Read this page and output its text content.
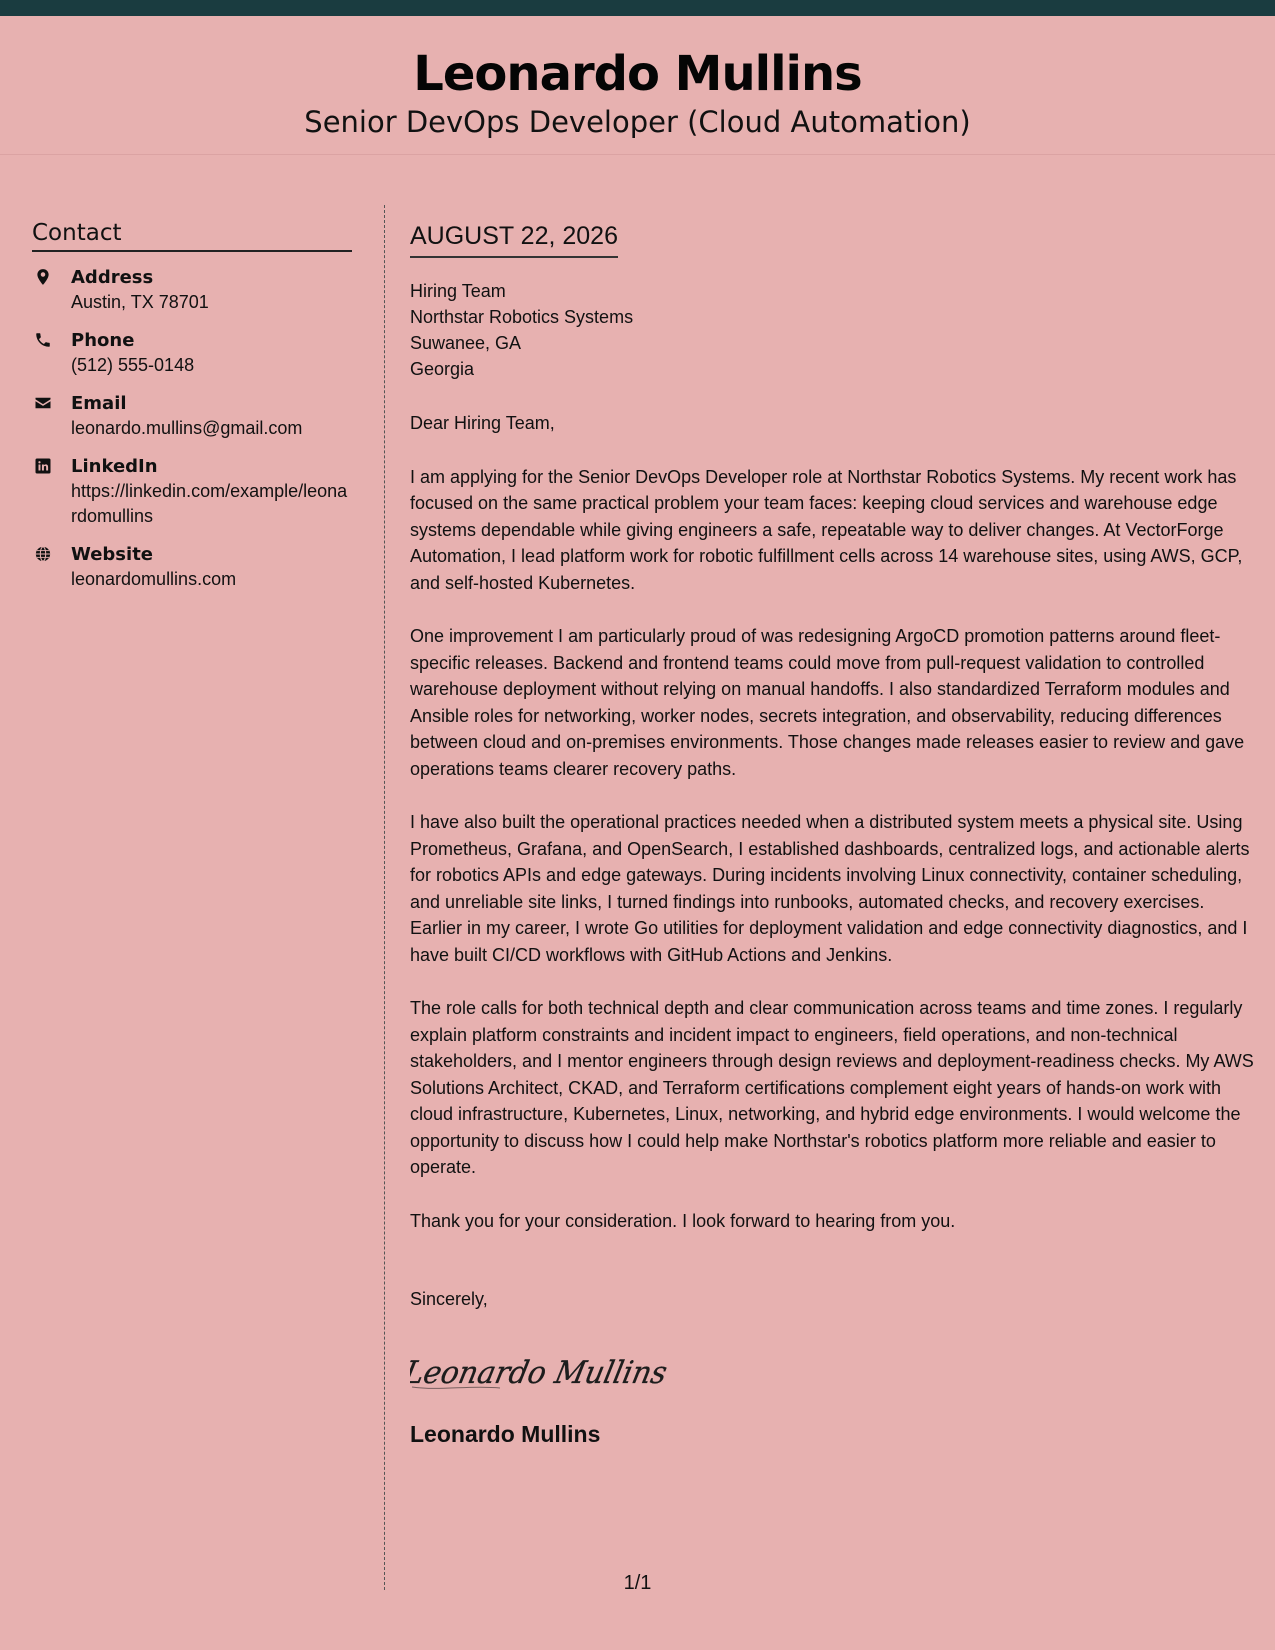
Leonardo Mullins
Senior DevOps Developer (Cloud Automation)
Contact
Address
Austin, TX 78701
Phone
(512) 555-0148
Email
leonardo.mullins@gmail.com
LinkedIn
https://linkedin.com/example/leonardomullins
Website
leonardomullins.com
AUGUST 22, 2026
Hiring Team
Northstar Robotics Systems
Suwanee, GA
Georgia
Dear Hiring Team,

I am applying for the Senior DevOps Developer role at Northstar Robotics Systems. My recent work has focused on the same practical problem your team faces: keeping cloud services and warehouse edge systems dependable while giving engineers a safe, repeatable way to deliver changes. At VectorForge Automation, I lead platform work for robotic fulfillment cells across 14 warehouse sites, using AWS, GCP, and self-hosted Kubernetes.

One improvement I am particularly proud of was redesigning ArgoCD promotion patterns around fleet-specific releases. Backend and frontend teams could move from pull-request validation to controlled warehouse deployment without relying on manual handoffs. I also standardized Terraform modules and Ansible roles for networking, worker nodes, secrets integration, and observability, reducing differences between cloud and on-premises environments. Those changes made releases easier to review and gave operations teams clearer recovery paths.

I have also built the operational practices needed when a distributed system meets a physical site. Using Prometheus, Grafana, and OpenSearch, I established dashboards, centralized logs, and actionable alerts for robotics APIs and edge gateways. During incidents involving Linux connectivity, container scheduling, and unreliable site links, I turned findings into runbooks, automated checks, and recovery exercises. Earlier in my career, I wrote Go utilities for deployment validation and edge connectivity diagnostics, and I have built CI/CD workflows with GitHub Actions and Jenkins.

The role calls for both technical depth and clear communication across teams and time zones. I regularly explain platform constraints and incident impact to engineers, field operations, and non-technical stakeholders, and I mentor engineers through design reviews and deployment-readiness checks. My AWS Solutions Architect, CKAD, and Terraform certifications complement eight years of hands-on work with cloud infrastructure, Kubernetes, Linux, networking, and hybrid edge environments. I would welcome the opportunity to discuss how I could help make Northstar's robotics platform more reliable and easier to operate.

Thank you for your consideration. I look forward to hearing from you.

Sincerely,
Leonardo Mullins
Leonardo Mullins
1/1
